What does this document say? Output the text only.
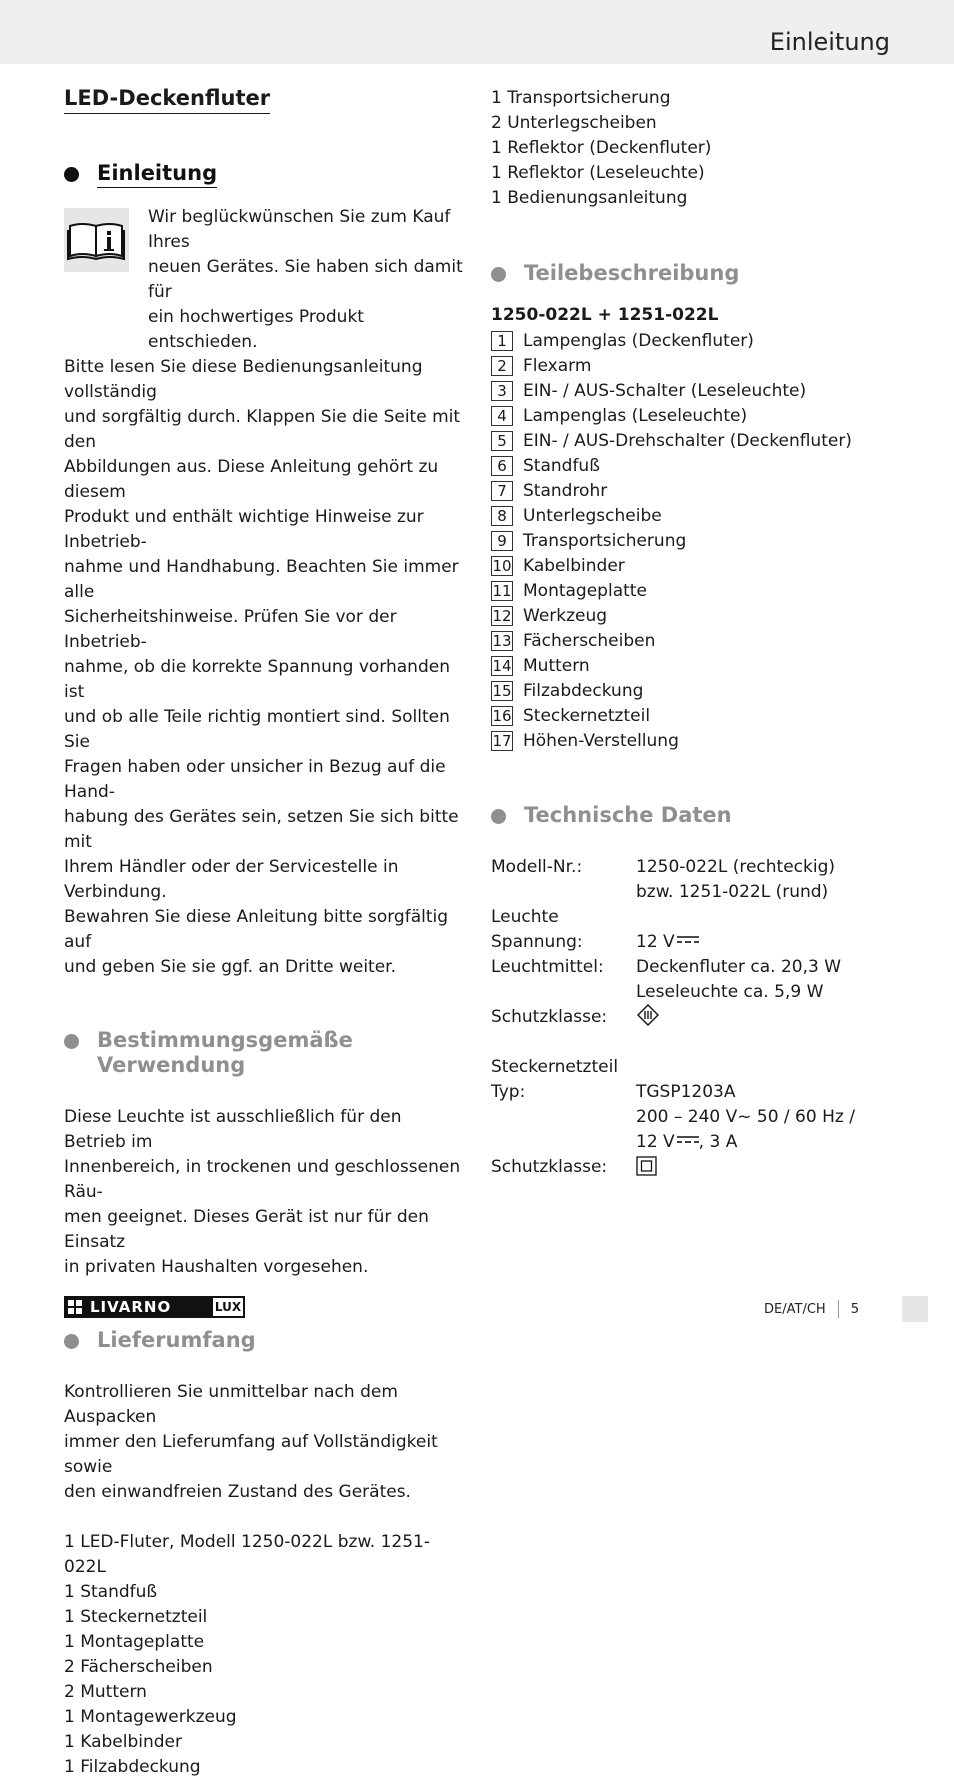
Einleitung
LED-Deckenfluter
Einleitung
Wir beglückwünschen Sie zum Kauf Ihres
neuen Gerätes. Sie haben sich damit für
ein hochwertiges Produkt entschieden.
Bitte lesen Sie diese Bedienungsanleitung vollständig
und sorgfältig durch. Klappen Sie die Seite mit den
Abbildungen aus. Diese Anleitung gehört zu diesem
Produkt und enthält wichtige Hinweise zur Inbetrieb-
nahme und Handhabung. Beachten Sie immer alle
Sicherheitshinweise. Prüfen Sie vor der Inbetrieb-
nahme, ob die korrekte Spannung vorhanden ist
und ob alle Teile richtig montiert sind. Sollten Sie
Fragen haben oder unsicher in Bezug auf die Hand-
habung des Gerätes sein, setzen Sie sich bitte mit
Ihrem Händler oder der Servicestelle in Verbindung.
Bewahren Sie diese Anleitung bitte sorgfältig auf
und geben Sie sie ggf. an Dritte weiter.
Bestimmungsgemäße
Verwendung
Diese Leuchte ist ausschließlich für den Betrieb im
Innenbereich, in trockenen und geschlossenen Räu-
men geeignet. Dieses Gerät ist nur für den Einsatz
in privaten Haushalten vorgesehen.
Lieferumfang
Kontrollieren Sie unmittelbar nach dem Auspacken
immer den Lieferumfang auf Vollständigkeit sowie
den einwandfreien Zustand des Gerätes.
1 LED-Fluter, Modell 1250-022L bzw. 1251-022L
1 Standfuß
1 Steckernetzteil
1 Montageplatte
2 Fächerscheiben
2 Muttern
1 Montagewerkzeug
1 Kabelbinder
1 Filzabdeckung
1 Transportsicherung
2 Unterlegscheiben
1 Reflektor (Deckenfluter)
1 Reflektor (Leseleuchte)
1 Bedienungsanleitung
Teilebeschreibung
1250-022L + 1251-022L
1 Lampenglas (Deckenfluter)
2 Flexarm
3 EIN- / AUS-Schalter (Leseleuchte)
4 Lampenglas (Leseleuchte)
5 EIN- / AUS-Drehschalter (Deckenfluter)
6 Standfuß
7 Standrohr
8 Unterlegscheibe
9 Transportsicherung
10 Kabelbinder
11 Montageplatte
12 Werkzeug
13 Fächerscheiben
14 Muttern
15 Filzabdeckung
16 Steckernetzteil
17 Höhen-Verstellung
Technische Daten
Modell-Nr.:	1250-022L (rechteckig)
bzw. 1251-022L (rund)
Leuchte
Spannung:	12 V
Leuchtmittel:	Deckenfluter ca. 20,3 W
Leseleuchte ca. 5,9 W
Schutzklasse:
Steckernetzteil
Typ:	TGSP1203A
200 – 240 V~ 50 / 60 Hz /
12 V , 3 A
Schutzklasse:
LIVARNO	LUX	DE/AT/CH 5
